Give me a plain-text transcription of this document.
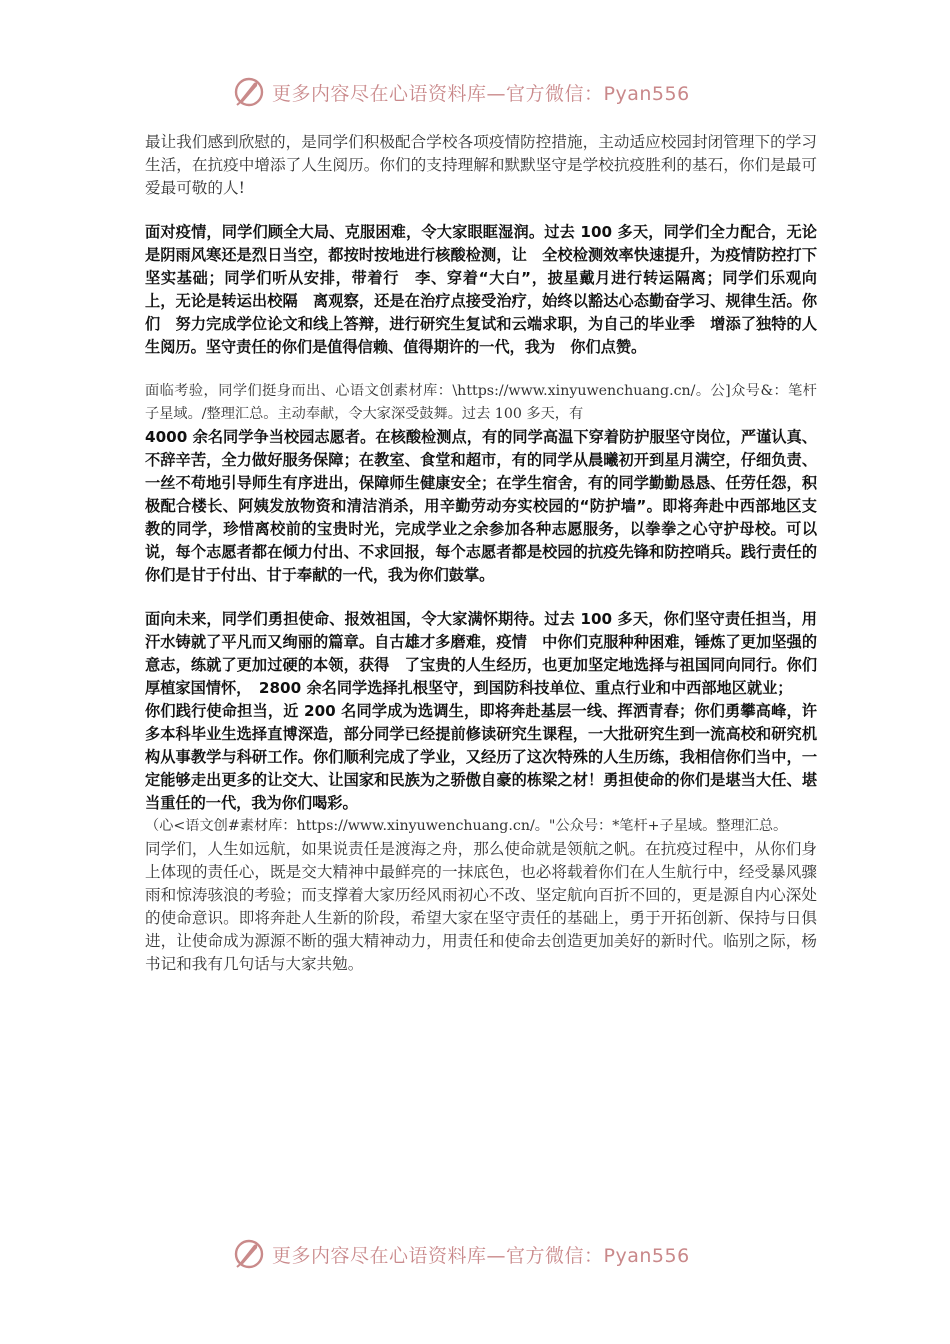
更多内容尽在心语资料库—官方微信：Pyan556

最让我们感到欣慰的，是同学们积极配合学校各项疫情防控措施，主动适应校园封闭管理下的学习生活，在抗疫中增添了人生阅历。你们的支持理解和默默坚守是学校抗疫胜利的基石，你们是最可爱最可敬的人!

面对疫情，同学们顾全大局、克服困难，令大家眼眶湿润。过去 100 多天，同学们全力配合，无论是阴雨风寒还是烈日当空，都按时按地进行核酸检测，让　全校检测效率快速提升，为疫情防控打下坚实基础；同学们听从安排，带着行　李、穿着“大白”，披星戴月进行转运隔离；同学们乐观向上，无论是转运出校隔　离观察，还是在治疗点接受治疗，始终以豁达心态勤奋学习、规律生活。你们　努力完成学位论文和线上答辩，进行研究生复试和云端求职，为自己的毕业季　增添了独特的人生阅历。坚守责任的你们是值得信赖、值得期许的一代，我为　你们点赞。

面临考验，同学们挺身而出、心语文创素材库：\https://www.xinyuwenchuang.cn/。公]众号&：笔杆子星域。/整理汇总。主动奉献，令大家深受鼓舞。过去 100 多天，有

4000 余名同学争当校园志愿者。在核酸检测点，有的同学高温下穿着防护服坚守岗位，严谨认真、不辞辛苦，全力做好服务保障；在教室、食堂和超市，有的同学从晨曦初开到星月满空，仔细负责、一丝不苟地引导师生有序进出，保障师生健康安全；在学生宿舍，有的同学勤勤恳恳、任劳任怨，积极配合楼长、阿姨发放物资和清洁消杀，用辛勤劳动夯实校园的“防护墙”。即将奔赴中西部地区支教的同学，珍惜离校前的宝贵时光，完成学业之余参加各种志愿服务，以拳拳之心守护母校。可以说，每个志愿者都在倾力付出、不求回报，每个志愿者都是校园的抗疫先锋和防控哨兵。践行责任的你们是甘于付出、甘于奉献的一代，我为你们鼓掌。

面向未来，同学们勇担使命、报效祖国，令大家满怀期待。过去 100 多天，你们坚守责任担当，用汗水铸就了平凡而又绚丽的篇章。自古雄才多磨难，疫情　中你们克服种种困难，锤炼了更加坚强的意志，练就了更加过硬的本领，获得　了宝贵的人生经历，也更加坚定地选择与祖国同向同行。你们厚植家国情怀，　2800 余名同学选择扎根坚守，到国防科技单位、重点行业和中西部地区就业；

你们践行使命担当，近 200 名同学成为选调生，即将奔赴基层一线、挥洒青春；你们勇攀高峰，许多本科毕业生选择直博深造，部分同学已经提前修读研究生课程，一大批研究生到一流高校和研究机构从事教学与科研工作。你们顺利完成了学业，又经历了这次特殊的人生历练，我相信你们当中，一定能够走出更多的让交大、让国家和民族为之骄傲自豪的栋梁之材！勇担使命的你们是堪当大任、堪当重任的一代，我为你们喝彩。

（心<语文创#素材库：https://www.xinyuwenchuang.cn/。"公众号：*笔杆+子星域。整理汇总。

同学们，人生如远航，如果说责任是渡海之舟，那么使命就是领航之帆。在抗疫过程中，从你们身上体现的责任心，既是交大精神中最鲜亮的一抹底色，也必将载着你们在人生航行中，经受暴风骤雨和惊涛骇浪的考验；而支撑着大家历经风雨初心不改、坚定航向百折不回的，更是源自内心深处的使命意识。即将奔赴人生新的阶段，希望大家在坚守责任的基础上，勇于开拓创新、保持与日俱进，让使命成为源源不断的强大精神动力，用责任和使命去创造更加美好的新时代。临别之际，杨书记和我有几句话与大家共勉。

更多内容尽在心语资料库—官方微信：Pyan556
